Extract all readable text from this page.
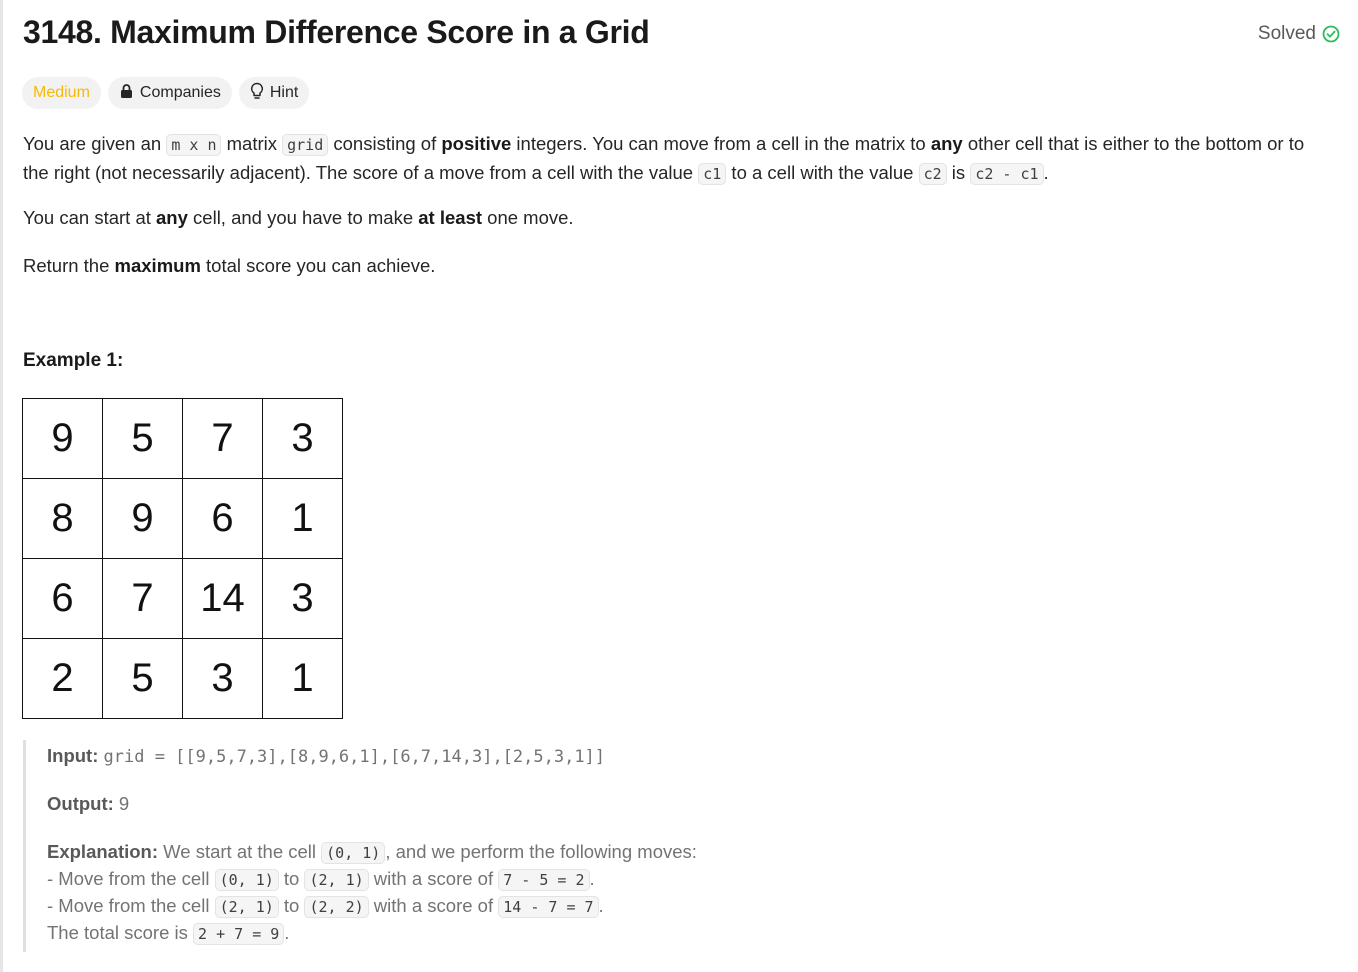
3148. Maximum Difference Score in a Grid	Solved
Medium	Companies	Hint

You are given an m x n matrix grid consisting of positive integers. You can move from a cell in the matrix to any other cell that is either to the bottom or to the right (not necessarily adjacent). The score of a move from a cell with the value c1 to a cell with the value c2 is c2 - c1 .

You can start at any cell, and you have to make at least one move.

Return the maximum total score you can achieve.

Example 1:
9	5	7	3
8	9	6	1
6	7	14	3
2	5	3	1
Input: grid = [[9,5,7,3],[8,9,6,1],[6,7,14,3],[2,5,3,1]]
Output: 9
Explanation: We start at the cell (0, 1) , and we perform the following moves:
- Move from the cell (0, 1) to (2, 1) with a score of 7 - 5 = 2 .
- Move from the cell (2, 1) to (2, 2) with a score of 14 - 7 = 7 .
The total score is 2 + 7 = 9 .
